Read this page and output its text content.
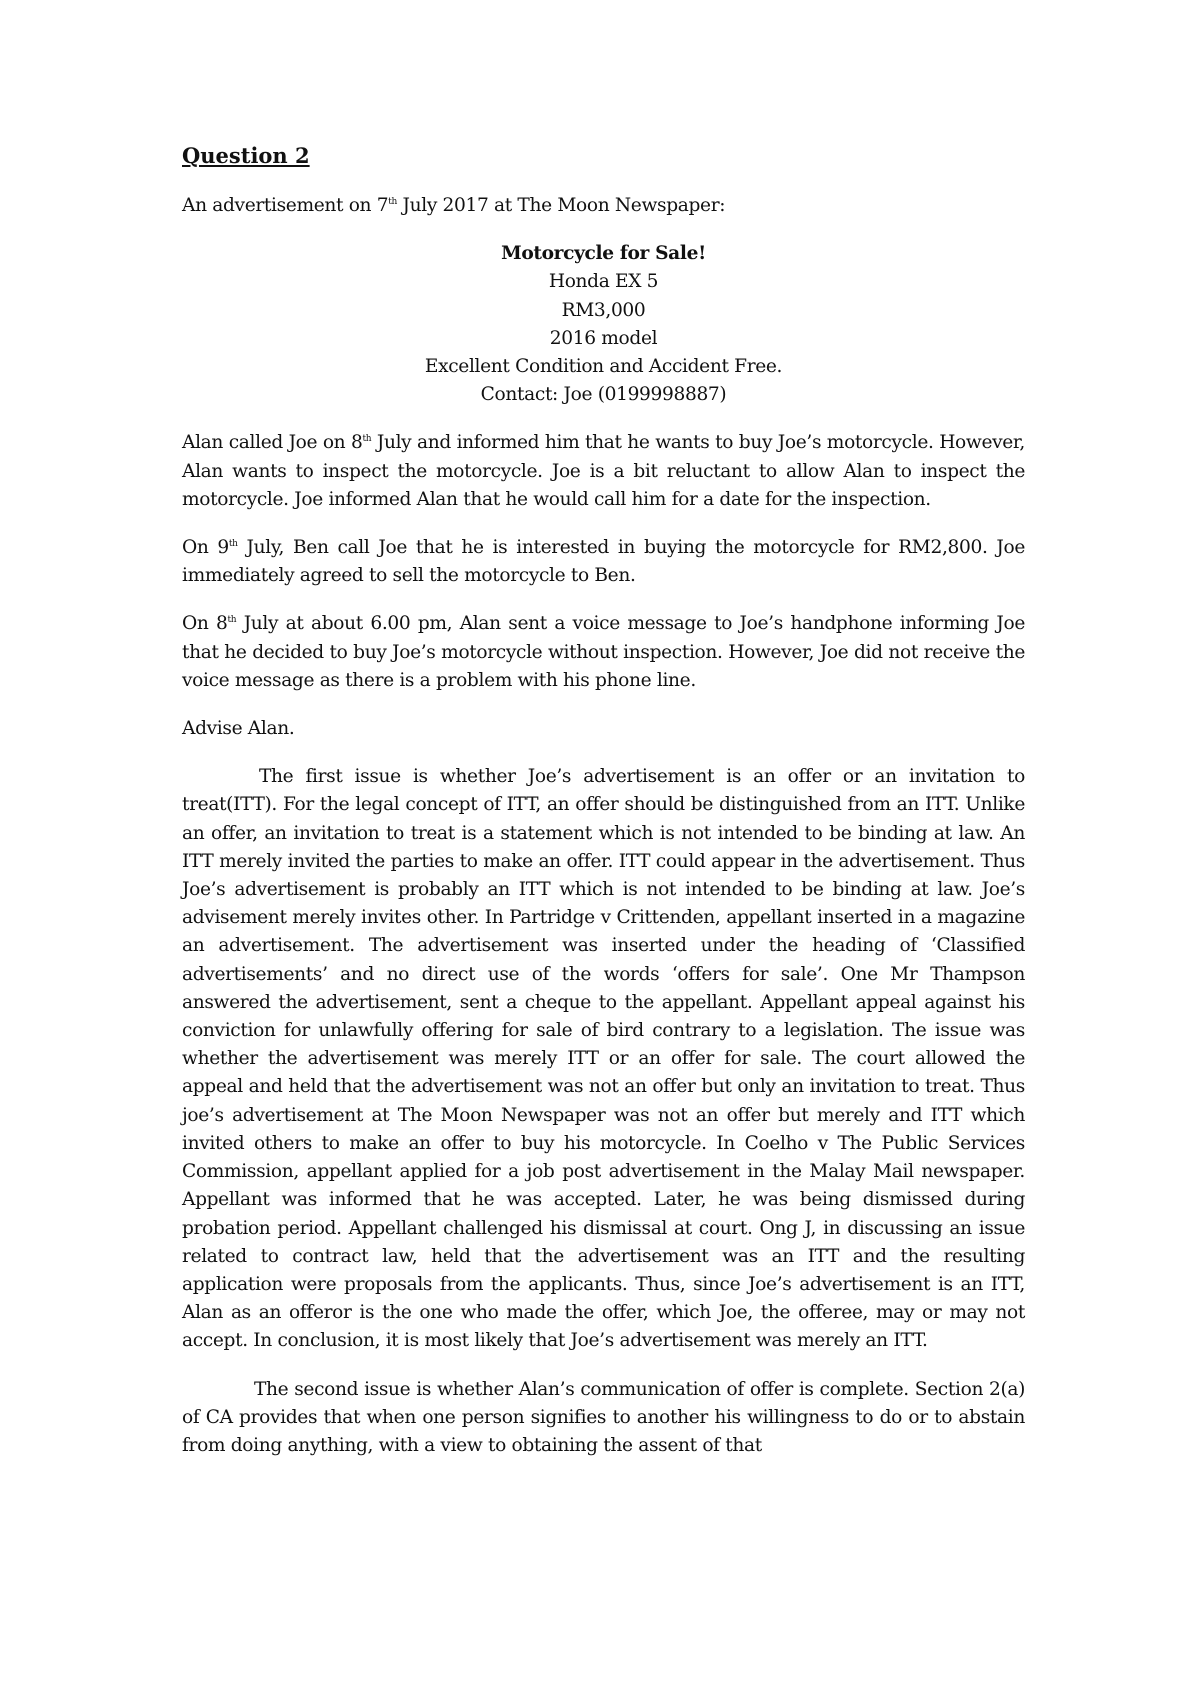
Question 2

An advertisement on 7th July 2017 at The Moon Newspaper:

Motorcycle for Sale!
Honda EX 5
RM3,000
2016 model
Excellent Condition and Accident Free.
Contact: Joe (0199998887)

Alan called Joe on 8th July and informed him that he wants to buy Joe’s motorcycle. However, Alan wants to inspect the motorcycle. Joe is a bit reluctant to allow Alan to inspect the motorcycle. Joe informed Alan that he would call him for a date for the inspection.

On 9th July, Ben call Joe that he is interested in buying the motorcycle for RM2,800. Joe immediately agreed to sell the motorcycle to Ben.

On 8th July at about 6.00 pm, Alan sent a voice message to Joe’s handphone informing Joe that he decided to buy Joe’s motorcycle without inspection. However, Joe did not receive the voice message as there is a problem with his phone line.

Advise Alan.

The first issue is whether Joe’s advertisement is an offer or an invitation to treat(ITT). For the legal concept of ITT, an offer should be distinguished from an ITT. Unlike an offer, an invitation to treat is a statement which is not intended to be binding at law. An ITT merely invited the parties to make an offer. ITT could appear in the advertisement. Thus Joe’s advertisement is probably an ITT which is not intended to be binding at law. Joe’s advisement merely invites other. In Partridge v Crittenden, appellant inserted in a magazine an advertisement. The advertisement was inserted under the heading of ‘Classified advertisements’ and no direct use of the words ‘offers for sale’. One Mr Thampson answered the advertisement, sent a cheque to the appellant. Appellant appeal against his conviction for unlawfully offering for sale of bird contrary to a legislation. The issue was whether the advertisement was merely ITT or an offer for sale. The court allowed the appeal and held that the advertisement was not an offer but only an invitation to treat. Thus joe’s advertisement at The Moon Newspaper was not an offer but merely and ITT which invited others to make an offer to buy his motorcycle. In Coelho v The Public Services Commission, appellant applied for a job post advertisement in the Malay Mail newspaper. Appellant was informed that he was accepted. Later, he was being dismissed during probation period. Appellant challenged his dismissal at court. Ong J, in discussing an issue related to contract law, held that the advertisement was an ITT and the resulting application were proposals from the applicants. Thus, since Joe’s advertisement is an ITT, Alan as an offeror is the one who made the offer, which Joe, the offeree, may or may not accept. In conclusion, it is most likely that Joe’s advertisement was merely an ITT.

The second issue is whether Alan’s communication of offer is complete. Section 2(a) of CA provides that when one person signifies to another his willingness to do or to abstain from doing anything, with a view to obtaining the assent of that
